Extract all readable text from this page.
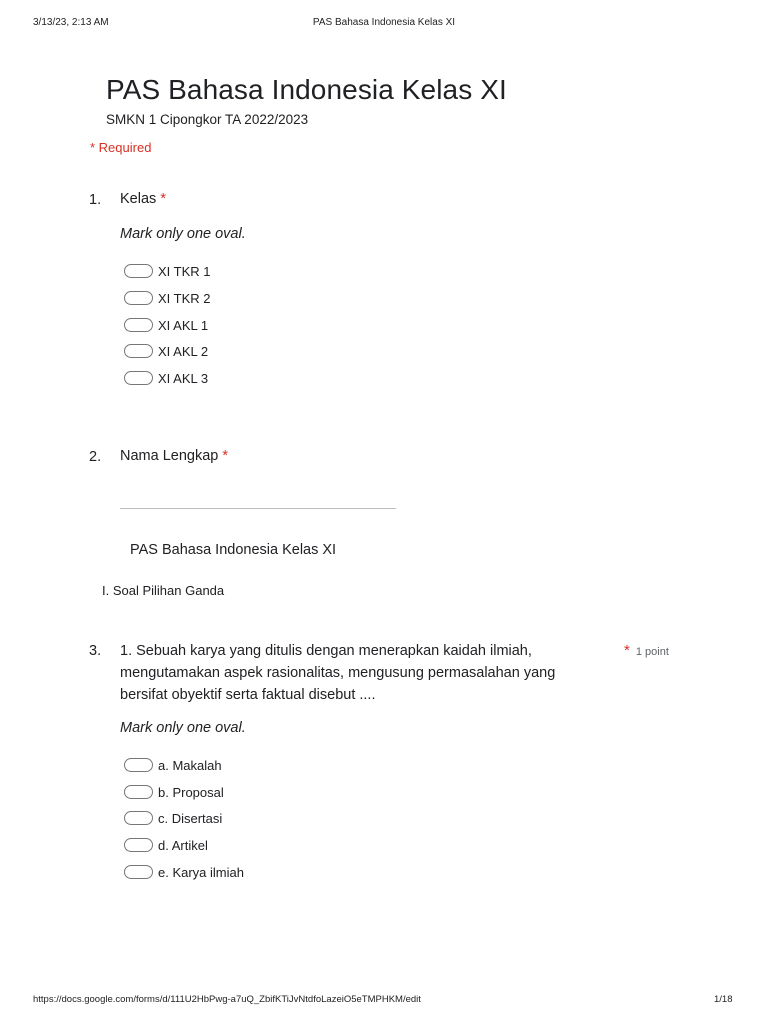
3/13/23, 2:13 AM	PAS Bahasa Indonesia Kelas XI
PAS Bahasa Indonesia Kelas XI
SMKN 1 Cipongkor TA 2022/2023
* Required
1. Kelas *
Mark only one oval.
XI TKR 1
XI TKR 2
XI AKL 1
XI AKL 2
XI AKL 3
2. Nama Lengkap *
PAS Bahasa Indonesia Kelas XI
I. Soal Pilihan Ganda
3. 1. Sebuah karya yang ditulis dengan menerapkan kaidah ilmiah,
mengutamakan aspek rasionalitas, mengusung permasalahan yang
bersifat obyektif serta faktual disebut ....
* 1 point
Mark only one oval.
a. Makalah
b. Proposal
c. Disertasi
d. Artikel
e. Karya ilmiah
https://docs.google.com/forms/d/111U2HbPwg-a7uQ_ZbifKTiJvNtdfoLazeiO5eTMPHKM/edit	1/18
